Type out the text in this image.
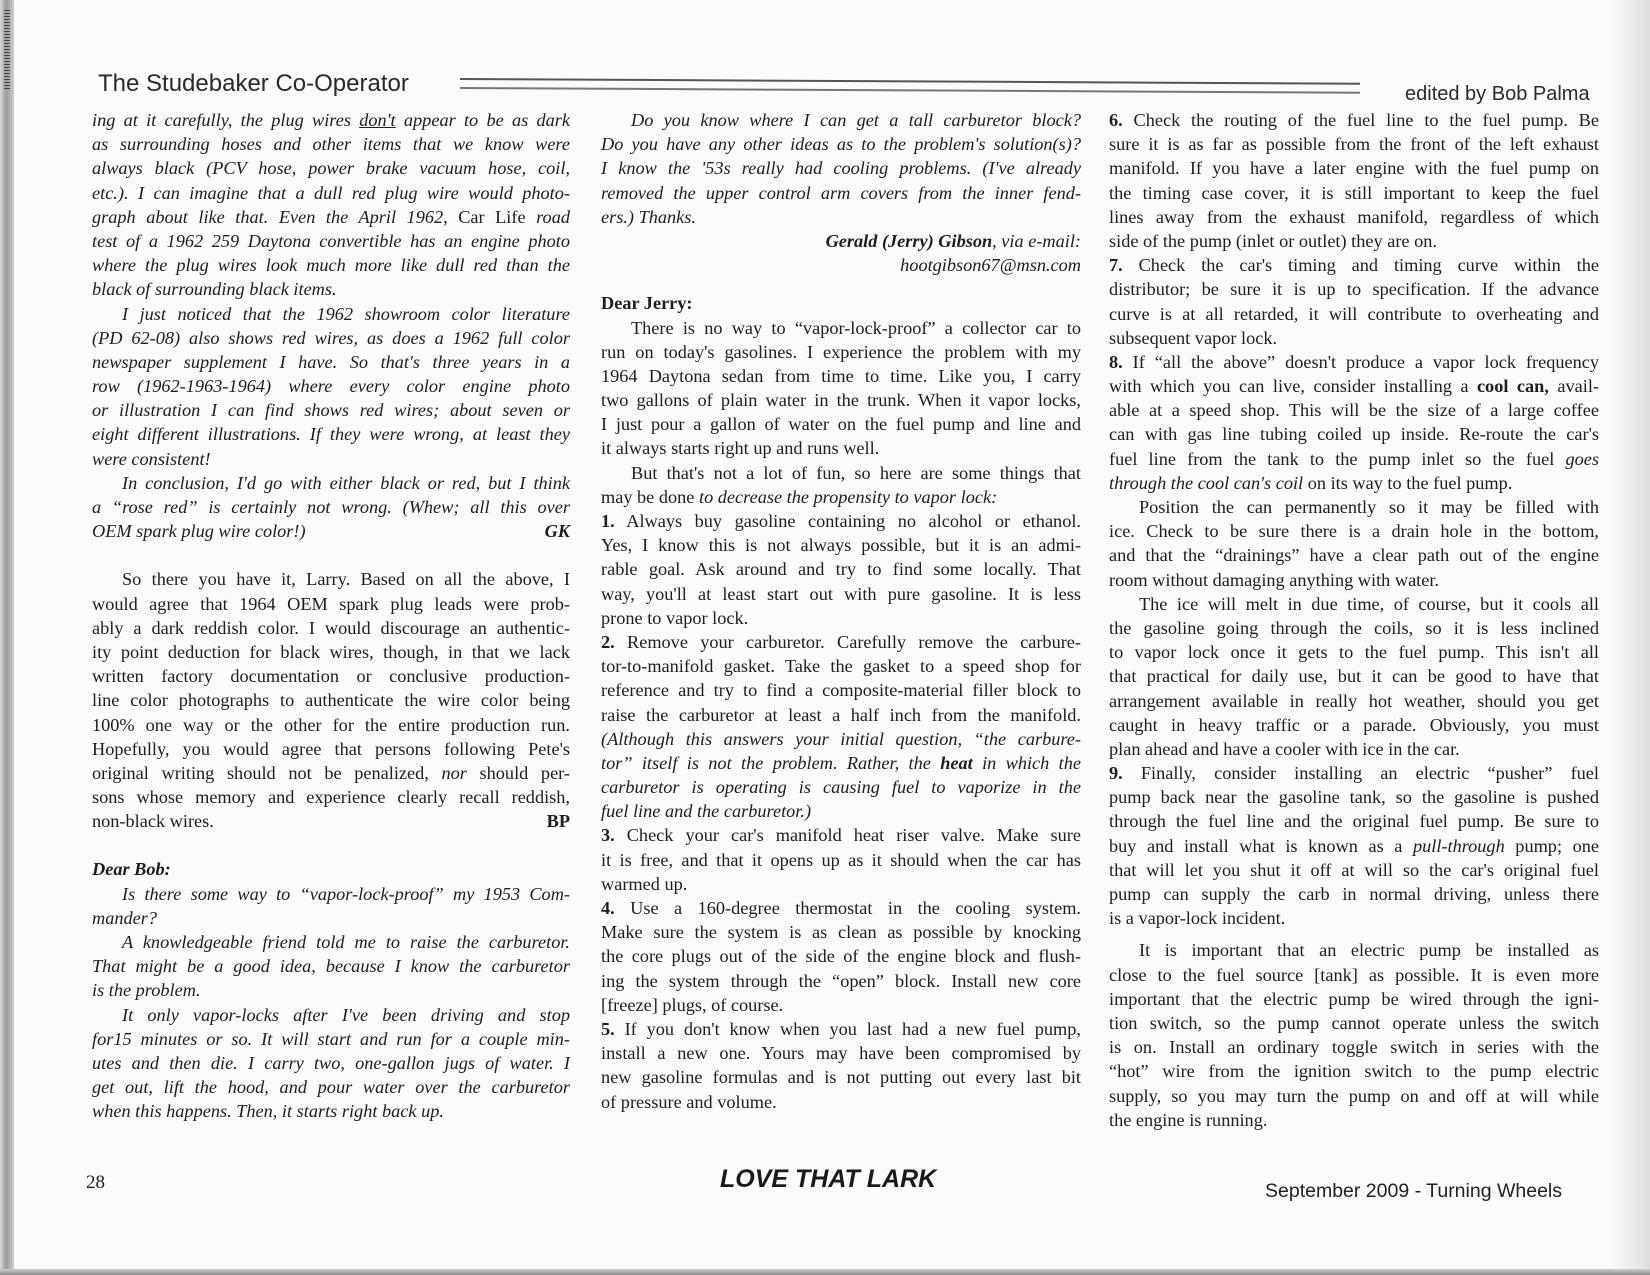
The Studebaker Co-Operator	edited by Bob Palma
ing at it carefully, the plug wires don't appear to be as dark
as surrounding hoses and other items that we know were
always black (PCV hose, power brake vacuum hose, coil,
etc.). I can imagine that a dull red plug wire would photo-
graph about like that. Even the April 1962, Car Life road
test of a 1962 259 Daytona convertible has an engine photo
where the plug wires look much more like dull red than the
black of surrounding black items.
I just noticed that the 1962 showroom color literature
(PD 62-08) also shows red wires, as does a 1962 full color
newspaper supplement I have. So that's three years in a
row (1962-1963-1964) where every color engine photo
or illustration I can find shows red wires; about seven or
eight different illustrations. If they were wrong, at least they
were consistent!
In conclusion, I'd go with either black or red, but I think
a “rose red” is certainly not wrong. (Whew; all this over
OEM spark plug wire color!)	GK
So there you have it, Larry. Based on all the above, I
would agree that 1964 OEM spark plug leads were prob-
ably a dark reddish color. I would discourage an authentic-
ity point deduction for black wires, though, in that we lack
written factory documentation or conclusive production-
line color photographs to authenticate the wire color being
100% one way or the other for the entire production run.
Hopefully, you would agree that persons following Pete's
original writing should not be penalized, nor should per-
sons whose memory and experience clearly recall reddish,
non-black wires.	BP
Dear Bob:
Is there some way to “vapor-lock-proof” my 1953 Com-
mander?
A knowledgeable friend told me to raise the carburetor.
That might be a good idea, because I know the carburetor
is the problem.
It only vapor-locks after I've been driving and stop
for15 minutes or so. It will start and run for a couple min-
utes and then die. I carry two, one-gallon jugs of water. I
get out, lift the hood, and pour water over the carburetor
when this happens. Then, it starts right back up.
Do you know where I can get a tall carburetor block?
Do you have any other ideas as to the problem's solution(s)?
I know the '53s really had cooling problems. (I've already
removed the upper control arm covers from the inner fend-
ers.) Thanks.
Gerald (Jerry) Gibson, via e-mail:
hootgibson67@msn.com
Dear Jerry:
There is no way to “vapor-lock-proof” a collector car to
run on today's gasolines. I experience the problem with my
1964 Daytona sedan from time to time. Like you, I carry
two gallons of plain water in the trunk. When it vapor locks,
I just pour a gallon of water on the fuel pump and line and
it always starts right up and runs well.
But that's not a lot of fun, so here are some things that
may be done to decrease the propensity to vapor lock:
1. Always buy gasoline containing no alcohol or ethanol.
Yes, I know this is not always possible, but it is an admi-
rable goal. Ask around and try to find some locally. That
way, you'll at least start out with pure gasoline. It is less
prone to vapor lock.
2. Remove your carburetor. Carefully remove the carbure-
tor-to-manifold gasket. Take the gasket to a speed shop for
reference and try to find a composite-material filler block to
raise the carburetor at least a half inch from the manifold.
(Although this answers your initial question, “the carbure-
tor” itself is not the problem. Rather, the heat in which the
carburetor is operating is causing fuel to vaporize in the
fuel line and the carburetor.)
3. Check your car's manifold heat riser valve. Make sure
it is free, and that it opens up as it should when the car has
warmed up.
4. Use a 160-degree thermostat in the cooling system.
Make sure the system is as clean as possible by knocking
the core plugs out of the side of the engine block and flush-
ing the system through the “open” block. Install new core
[freeze] plugs, of course.
5. If you don't know when you last had a new fuel pump,
install a new one. Yours may have been compromised by
new gasoline formulas and is not putting out every last bit
of pressure and volume.
6. Check the routing of the fuel line to the fuel pump. Be
sure it is as far as possible from the front of the left exhaust
manifold. If you have a later engine with the fuel pump on
the timing case cover, it is still important to keep the fuel
lines away from the exhaust manifold, regardless of which
side of the pump (inlet or outlet) they are on.
7. Check the car's timing and timing curve within the
distributor; be sure it is up to specification. If the advance
curve is at all retarded, it will contribute to overheating and
subsequent vapor lock.
8. If “all the above” doesn't produce a vapor lock frequency
with which you can live, consider installing a cool can, avail-
able at a speed shop. This will be the size of a large coffee
can with gas line tubing coiled up inside. Re-route the car's
fuel line from the tank to the pump inlet so the fuel goes
through the cool can's coil on its way to the fuel pump.
Position the can permanently so it may be filled with
ice. Check to be sure there is a drain hole in the bottom,
and that the “drainings” have a clear path out of the engine
room without damaging anything with water.
The ice will melt in due time, of course, but it cools all
the gasoline going through the coils, so it is less inclined
to vapor lock once it gets to the fuel pump. This isn't all
that practical for daily use, but it can be good to have that
arrangement available in really hot weather, should you get
caught in heavy traffic or a parade. Obviously, you must
plan ahead and have a cooler with ice in the car.
9. Finally, consider installing an electric “pusher” fuel
pump back near the gasoline tank, so the gasoline is pushed
through the fuel line and the original fuel pump. Be sure to
buy and install what is known as a pull-through pump; one
that will let you shut it off at will so the car's original fuel
pump can supply the carb in normal driving, unless there
is a vapor-lock incident.
It is important that an electric pump be installed as
close to the fuel source [tank] as possible. It is even more
important that the electric pump be wired through the igni-
tion switch, so the pump cannot operate unless the switch
is on. Install an ordinary toggle switch in series with the
“hot” wire from the ignition switch to the pump electric
supply, so you may turn the pump on and off at will while
the engine is running.
28	LOVE THAT LARK	September 2009 - Turning Wheels
